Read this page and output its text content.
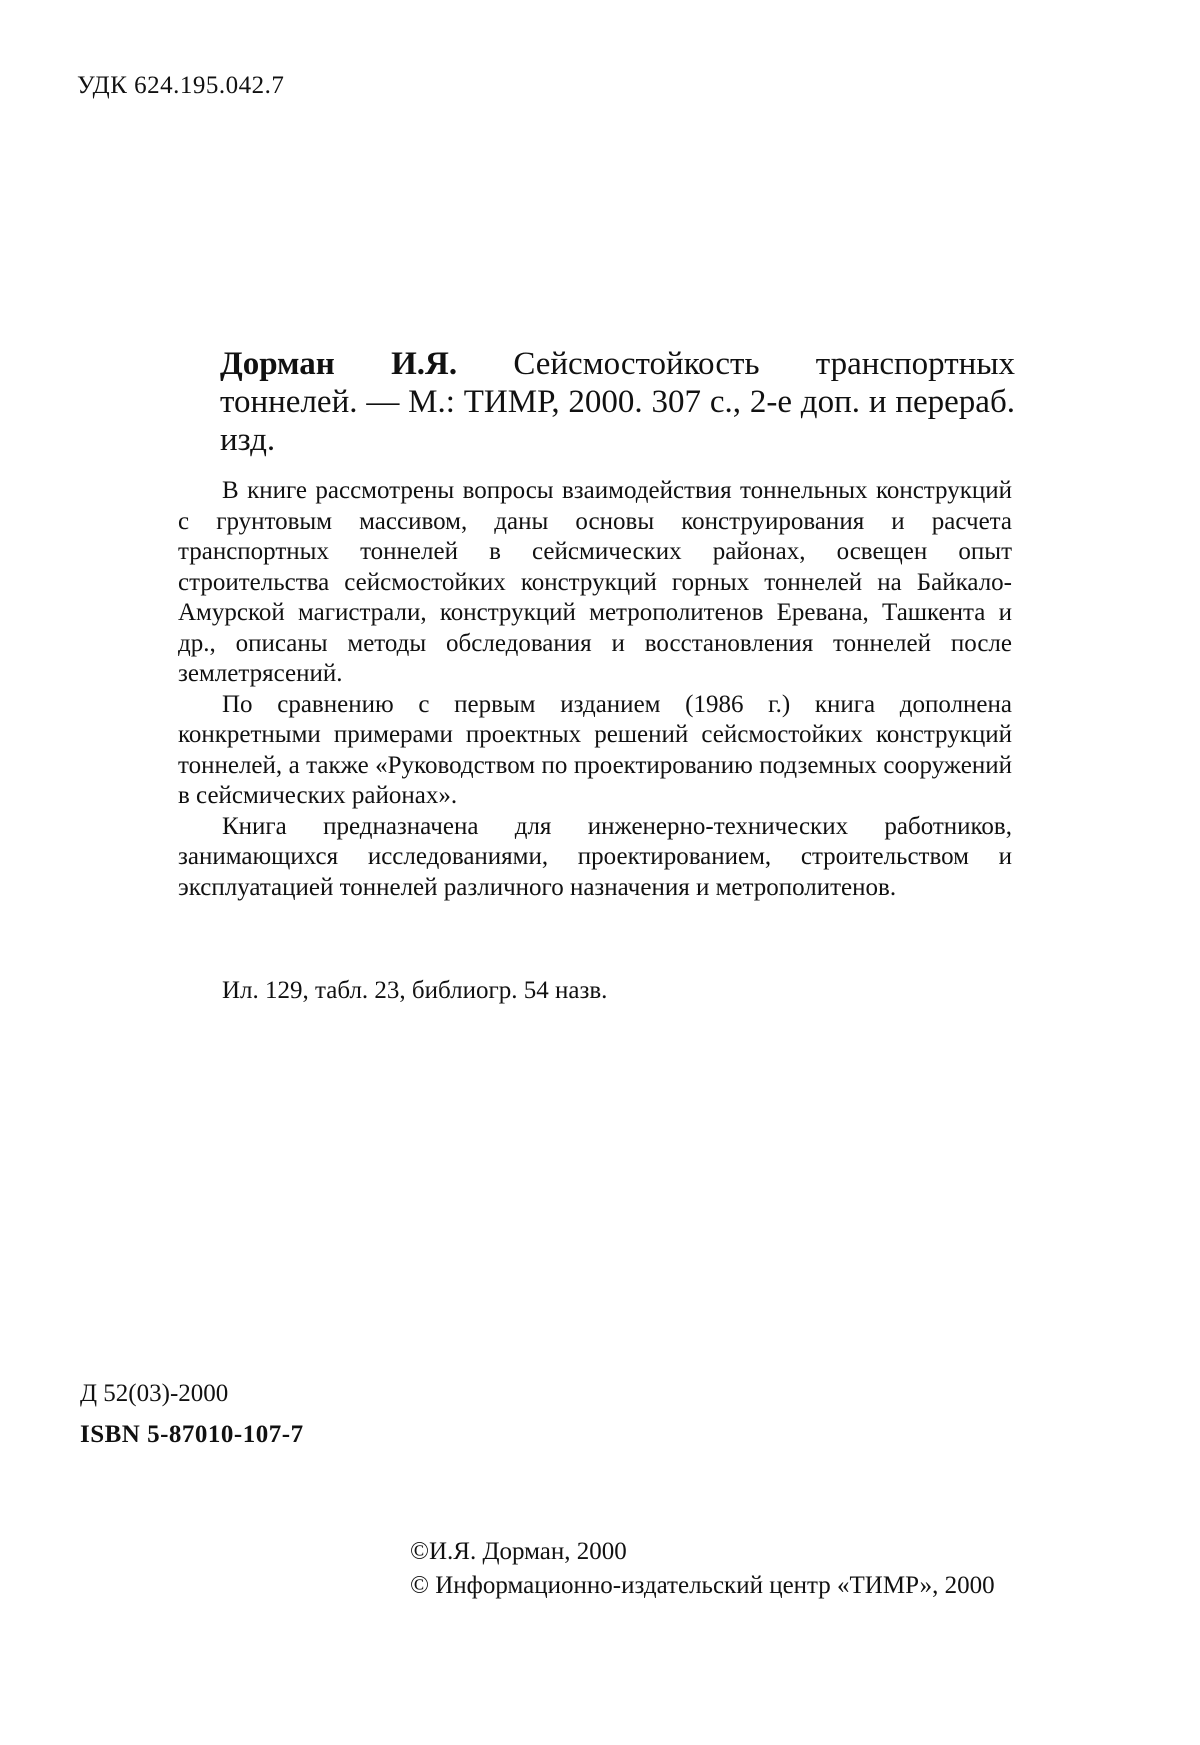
УДК 624.195.042.7
Дорман И.Я. Сейсмостойкость транспортных тоннелей. — М.: ТИМР, 2000. 307 с., 2-е доп. и перераб. изд.

В книге рассмотрены вопросы взаимодействия тоннельных конструкций с грунтовым массивом, даны основы конструирования и расчета транспортных тоннелей в сейсмических районах, освещен опыт строительства сейсмостойких конструкций горных тоннелей на Байкало-Амурской магистрали, конструкций метрополитенов Еревана, Ташкента и др., описаны методы обследования и восстановления тоннелей после землетрясений.

По сравнению с первым изданием (1986 г.) книга дополнена конкретными примерами проектных решений сейсмостойких конструкций тоннелей, а также «Руководством по проектированию подземных сооружений в сейсмических районах».

Книга предназначена для инженерно-технических работников, занимающихся исследованиями, проектированием, строительством и эксплуатацией тоннелей различного назначения и метрополитенов.

Ил. 129, табл. 23, библиогр. 54 назв.
Д 52(03)-2000
ISBN 5-87010-107-7
©И.Я. Дорман, 2000
© Информационно-издательский центр «ТИМР», 2000
